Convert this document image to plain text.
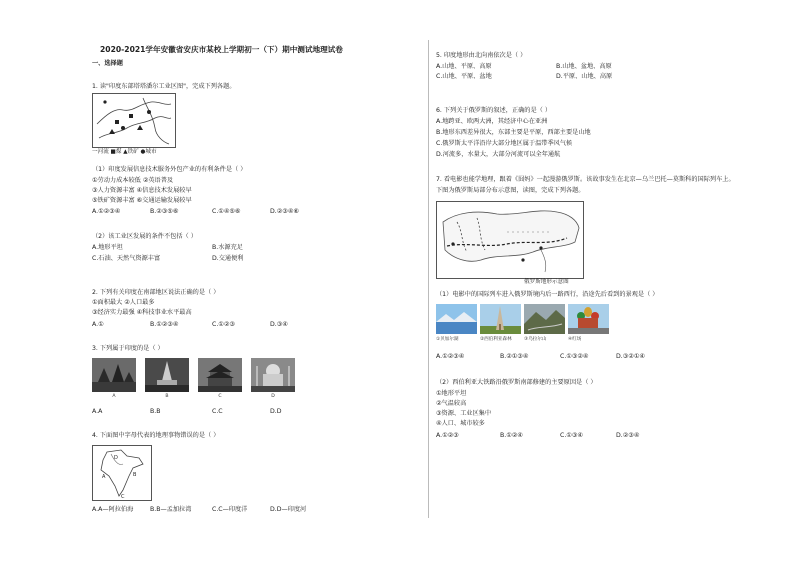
2020-2021学年安徽省安庆市某校上学期初一（下）期中测试地理试卷
一、选择题
1. 读"印度东部塔塔潘尔工业区图"，完成下列各题。
一河流 ■煤 ▲铁矿 ●城市
（1）印度发展信息技术服务外包产业的有利条件是（ ）
①劳动力成本较低 ②英语普及
③人力资源丰富 ④信息技术发展较早
⑤铁矿资源丰富 ⑥交通运输发展较早
A.①②③④	B.②③⑤⑥	C.①④⑤⑥	D.②③④⑥
（2）该工业区发展的条件不包括（ ）
A.地形平坦	B.水源充足
C.石油、天然气资源丰富	D.交通便利
2. 下列有关印度在南部地区说法正确的是（ ）
①面积最大 ②人口最多
③经济实力最强 ④科技事业水平最高
A.①	B.①②③④	C.①②③	D.③④
3. 下列属于印度的是（ ）
A	B	C	D
A.A	B.B	C.C	D.D
4. 下面图中字母代表的地理事物错误的是（ ）
A	B
C
D
A.A—阿拉伯海	B.B—孟加拉湾	C.C—印度洋	D.D—印度河
5. 印度地形由北向南依次是（ ）
A.山地、平原、高原	B.山地、盆地、高原
C.山地、平原、盆地	D.平原、山地、高原
6. 下列关于俄罗斯的叙述，正确的是（ ）
A.地跨亚、欧两大洲，其经济中心在亚洲
B.地形东西差异很大，东部主要是平原，西部主要是山地
C.俄罗斯太平洋沿岸大部分地区属于温带季风气候
D.河流多，水量大，大部分河流可以全年通航
7. 看电影也能学地理，跟着《囧妈》一起漫游俄罗斯。该故事发生在北京—乌兰巴托—莫斯科的国际列车上。
下图为俄罗斯局部分布示意图，读图，完成下列各题。
俄罗斯地形示意图
（1）电影中的国际列车进入俄罗斯境内后一路西行，沿途先后看到的景观是（ ）
①贝加尔湖	②西伯利亚森林	③乌拉尔山	④红场
A.①②③④	B.②①③④	C.①③②④	D.③②①④
（2）西伯利亚大铁路沿俄罗斯南部修建的主要原因是（ ）
①地形平坦
②气温较高
③资源、工业区集中
④人口、城市较多
A.①②③	B.①②④	C.①③④	D.②③④
